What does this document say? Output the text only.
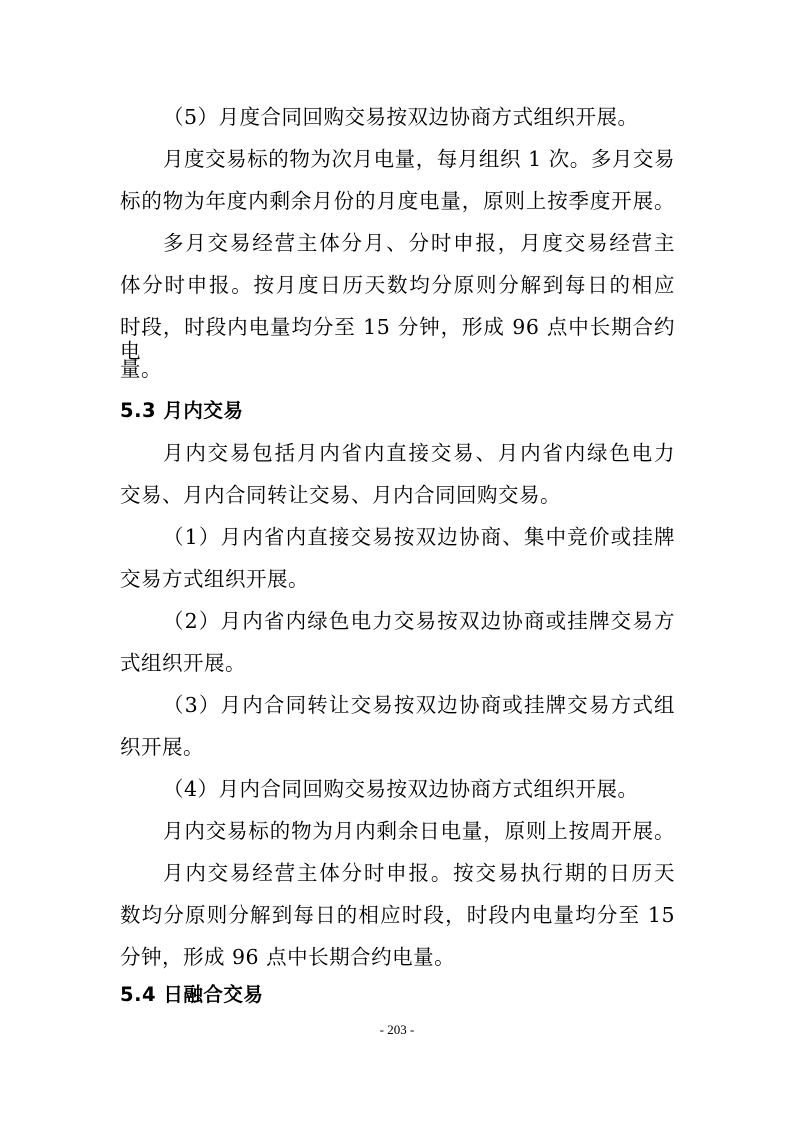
（5）月度合同回购交易按双边协商方式组织开展。
月度交易标的物为次月电量，每月组织 1 次。多月交易
标的物为年度内剩余月份的月度电量，原则上按季度开展。
多月交易经营主体分月、分时申报，月度交易经营主
体分时申报。按月度日历天数均分原则分解到每日的相应
时段，时段内电量均分至 15 分钟，形成 96 点中长期合约电
量。
5.3 月内交易
月内交易包括月内省内直接交易、月内省内绿色电力
交易、月内合同转让交易、月内合同回购交易。
（1）月内省内直接交易按双边协商、集中竞价或挂牌
交易方式组织开展。
（2）月内省内绿色电力交易按双边协商或挂牌交易方
式组织开展。
（3）月内合同转让交易按双边协商或挂牌交易方式组
织开展。
（4）月内合同回购交易按双边协商方式组织开展。
月内交易标的物为月内剩余日电量，原则上按周开展。
月内交易经营主体分时申报。按交易执行期的日历天
数均分原则分解到每日的相应时段，时段内电量均分至 15
分钟，形成 96 点中长期合约电量。
5.4 日融合交易
- 203 -
